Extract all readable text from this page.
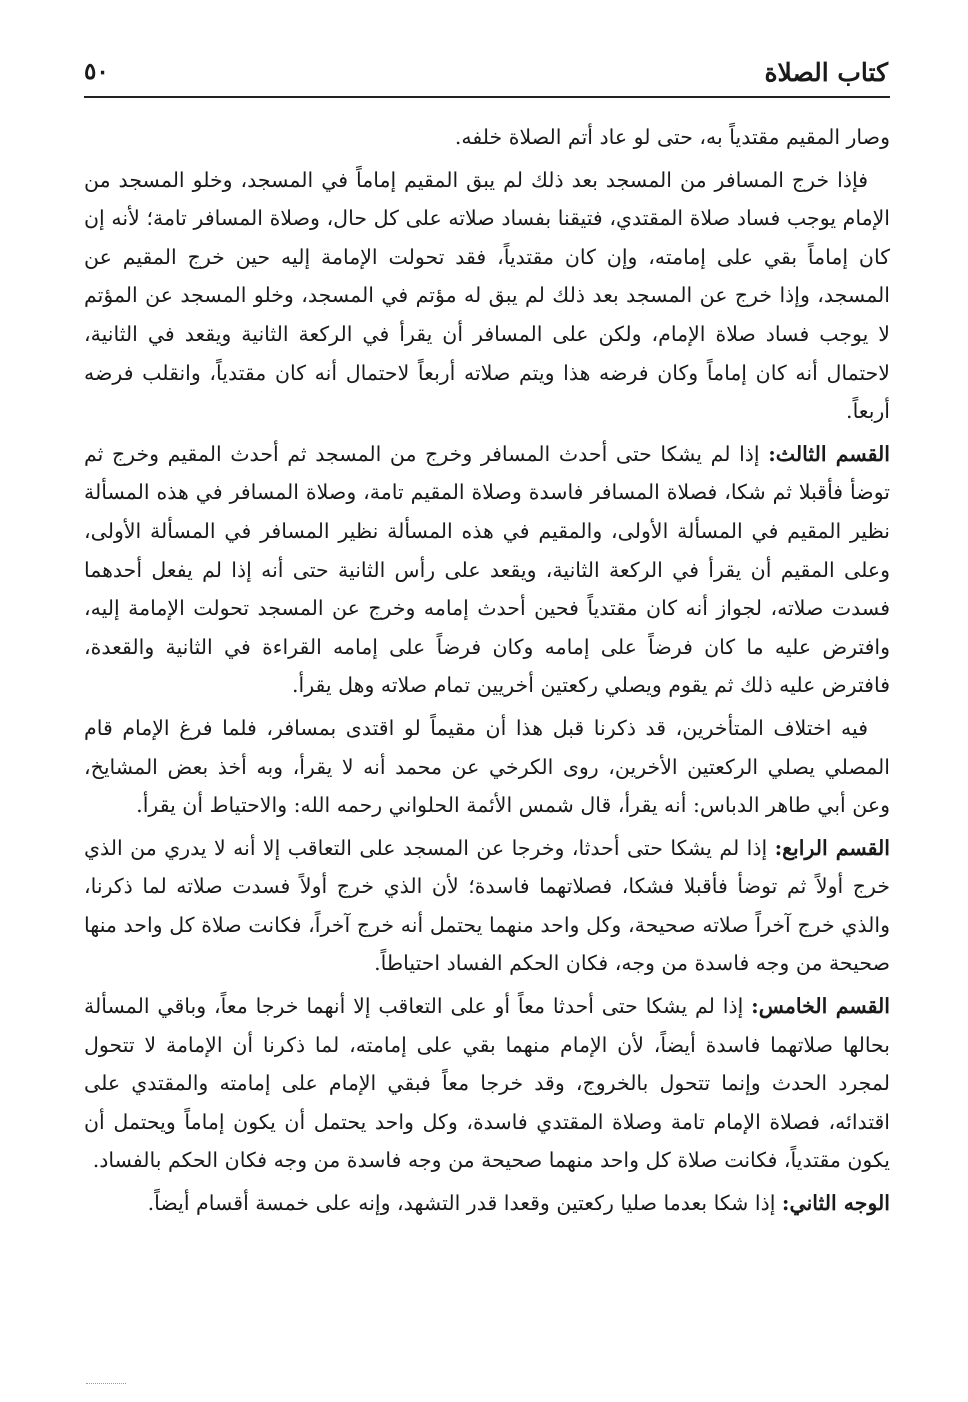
كتاب الصلاة
٥٠

وصار المقيم مقتدياً به، حتى لو عاد أتم الصلاة خلفه.

فإذا خرج المسافر من المسجد بعد ذلك لم يبق المقيم إماماً في المسجد، وخلو المسجد من الإمام يوجب فساد صلاة المقتدي، فتيقنا بفساد صلاته على كل حال، وصلاة المسافر تامة؛ لأنه إن كان إماماً بقي على إمامته، وإن كان مقتدياً، فقد تحولت الإمامة إليه حين خرج المقيم عن المسجد، وإذا خرج عن المسجد بعد ذلك لم يبق له مؤتم في المسجد، وخلو المسجد عن المؤتم لا يوجب فساد صلاة الإمام، ولكن على المسافر أن يقرأ في الركعة الثانية ويقعد في الثانية، لاحتمال أنه كان إماماً وكان فرضه هذا ويتم صلاته أربعاً لاحتمال أنه كان مقتدياً، وانقلب فرضه أربعاً.

القسم الثالث: إذا لم يشكا حتى أحدث المسافر وخرج من المسجد ثم أحدث المقيم وخرج ثم توضأ فأقبلا ثم شكا، فصلاة المسافر فاسدة وصلاة المقيم تامة، وصلاة المسافر في هذه المسألة نظير المقيم في المسألة الأولى، والمقيم في هذه المسألة نظير المسافر في المسألة الأولى، وعلى المقيم أن يقرأ في الركعة الثانية، ويقعد على رأس الثانية حتى أنه إذا لم يفعل أحدهما فسدت صلاته، لجواز أنه كان مقتدياً فحين أحدث إمامه وخرج عن المسجد تحولت الإمامة إليه، وافترض عليه ما كان فرضاً على إمامه وكان فرضاً على إمامه القراءة في الثانية والقعدة، فافترض عليه ذلك ثم يقوم ويصلي ركعتين أخريين تمام صلاته وهل يقرأ.

فيه اختلاف المتأخرين، قد ذكرنا قبل هذا أن مقيماً لو اقتدى بمسافر، فلما فرغ الإمام قام المصلي يصلي الركعتين الأخرين، روى الكرخي عن محمد أنه لا يقرأ، وبه أخذ بعض المشايخ، وعن أبي طاهر الدباس: أنه يقرأ، قال شمس الأئمة الحلواني رحمه الله: والاحتياط أن يقرأ.

القسم الرابع: إذا لم يشكا حتى أحدثا، وخرجا عن المسجد على التعاقب إلا أنه لا يدري من الذي خرج أولاً ثم توضأ فأقبلا فشكا، فصلاتهما فاسدة؛ لأن الذي خرج أولاً فسدت صلاته لما ذكرنا، والذي خرج آخراً صلاته صحيحة، وكل واحد منهما يحتمل أنه خرج آخراً، فكانت صلاة كل واحد منها صحيحة من وجه فاسدة من وجه، فكان الحكم الفساد احتياطاً.

القسم الخامس: إذا لم يشكا حتى أحدثا معاً أو على التعاقب إلا أنهما خرجا معاً، وباقي المسألة بحالها صلاتهما فاسدة أيضاً، لأن الإمام منهما بقي على إمامته، لما ذكرنا أن الإمامة لا تتحول لمجرد الحدث وإنما تتحول بالخروج، وقد خرجا معاً فبقي الإمام على إمامته والمقتدي على اقتدائه، فصلاة الإمام تامة وصلاة المقتدي فاسدة، وكل واحد يحتمل أن يكون إماماً ويحتمل أن يكون مقتدياً، فكانت صلاة كل واحد منهما صحيحة من وجه فاسدة من وجه فكان الحكم بالفساد.

الوجه الثاني: إذا شكا بعدما صليا ركعتين وقعدا قدر التشهد، وإنه على خمسة أقسام أيضاً.
